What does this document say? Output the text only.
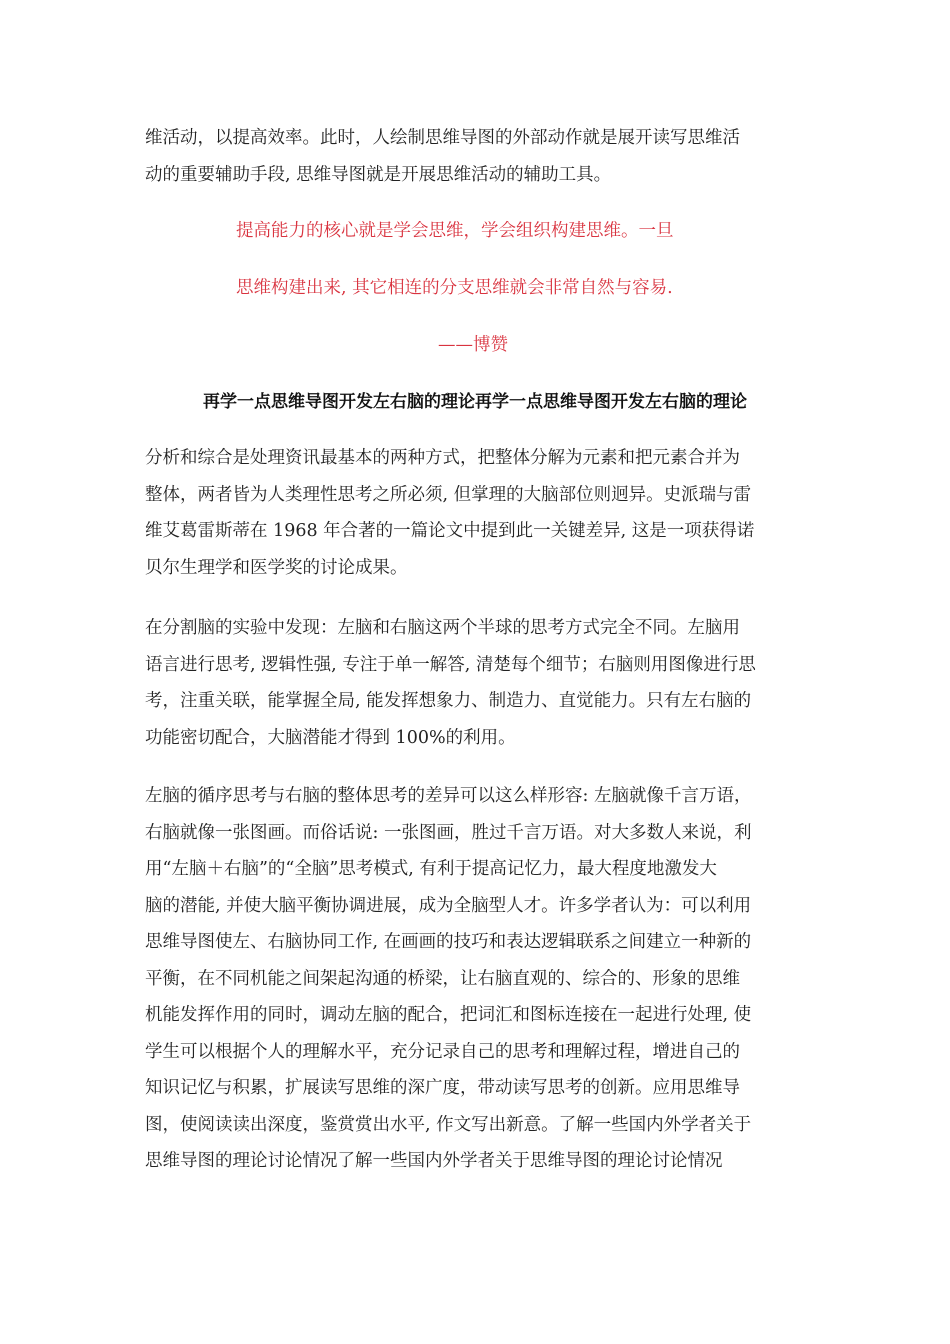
维活动，以提高效率。此时，人绘制思维导图的外部动作就是展开读写思维活
动的重要辅助手段, 思维导图就是开展思维活动的辅助工具。
提高能力的核心就是学会思维，学会组织构建思维。一旦
思维构建出来, 其它相连的分支思维就会非常自然与容易.
——博赞
再学一点思维导图开发左右脑的理论再学一点思维导图开发左右脑的理论
分析和综合是处理资讯最基本的两种方式，把整体分解为元素和把元素合并为
整体，两者皆为人类理性思考之所必须, 但掌理的大脑部位则迥异。史派瑞与雷
维艾葛雷斯蒂在 1968 年合著的一篇论文中提到此一关键差异, 这是一项获得诺
贝尔生理学和医学奖的讨论成果。
在分割脑的实验中发现：左脑和右脑这两个半球的思考方式完全不同。左脑用
语言进行思考, 逻辑性强, 专注于单一解答, 清楚每个细节；右脑则用图像进行思
考，注重关联，能掌握全局, 能发挥想象力、制造力、直觉能力。只有左右脑的
功能密切配合，大脑潜能才得到 100%的利用。
左脑的循序思考与右脑的整体思考的差异可以这么样形容: 左脑就像千言万语，
右脑就像一张图画。而俗话说: 一张图画，胜过千言万语。对大多数人来说，利
用“左脑＋右脑”的“全脑”思考模式, 有利于提高记忆力，最大程度地激发大
脑的潜能, 并使大脑平衡协调进展，成为全脑型人才。许多学者认为：可以利用
思维导图使左、右脑协同工作, 在画画的技巧和表达逻辑联系之间建立一种新的
平衡，在不同机能之间架起沟通的桥梁，让右脑直观的、综合的、形象的思维
机能发挥作用的同时，调动左脑的配合，把词汇和图标连接在一起进行处理, 使
学生可以根据个人的理解水平，充分记录自己的思考和理解过程，增进自己的
知识记忆与积累，扩展读写思维的深广度，带动读写思考的创新。应用思维导
图，使阅读读出深度，鉴赏赏出水平, 作文写出新意。了解一些国内外学者关于
思维导图的理论讨论情况了解一些国内外学者关于思维导图的理论讨论情况
